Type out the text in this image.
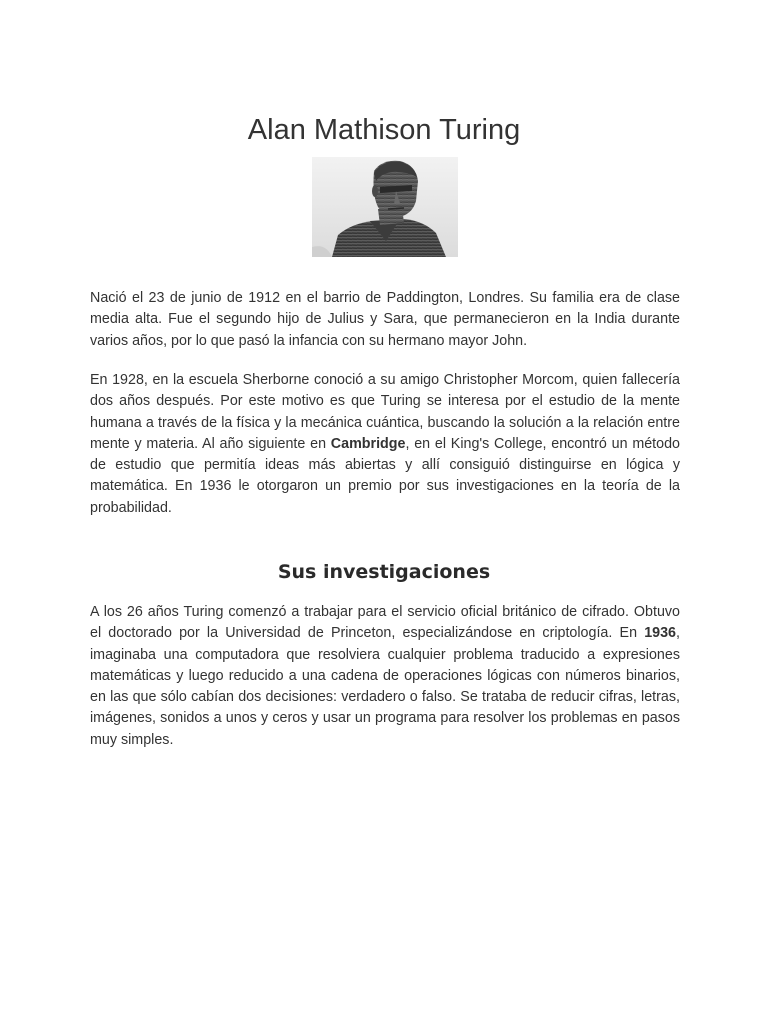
Alan Mathison Turing

Nació el 23 de junio de 1912 en el barrio de Paddington, Londres. Su familia era de clase media alta. Fue el segundo hijo de Julius y Sara, que permanecieron en la India durante varios años, por lo que pasó la infancia con su hermano mayor John.

En 1928, en la escuela Sherborne conoció a su amigo Christopher Morcom, quien fallecería dos años después. Por este motivo es que Turing se interesa por el estudio de la mente humana a través de la física y la mecánica cuántica, buscando la solución a la relación entre mente y materia. Al año siguiente en Cambridge, en el King's College, encontró un método de estudio que permitía ideas más abiertas y allí consiguió distinguirse en lógica y matemática. En 1936 le otorgaron un premio por sus investigaciones en la teoría de la probabilidad.

Sus investigaciones

A los 26 años Turing comenzó a trabajar para el servicio oficial británico de cifrado. Obtuvo el doctorado por la Universidad de Princeton, especializándose en criptología. En 1936, imaginaba una computadora que resolviera cualquier problema traducido a expresiones matemáticas y luego reducido a una cadena de operaciones lógicas con números binarios, en las que sólo cabían dos decisiones: verdadero o falso. Se trataba de reducir cifras, letras, imágenes, sonidos a unos y ceros y usar un programa para resolver los problemas en pasos muy simples.
